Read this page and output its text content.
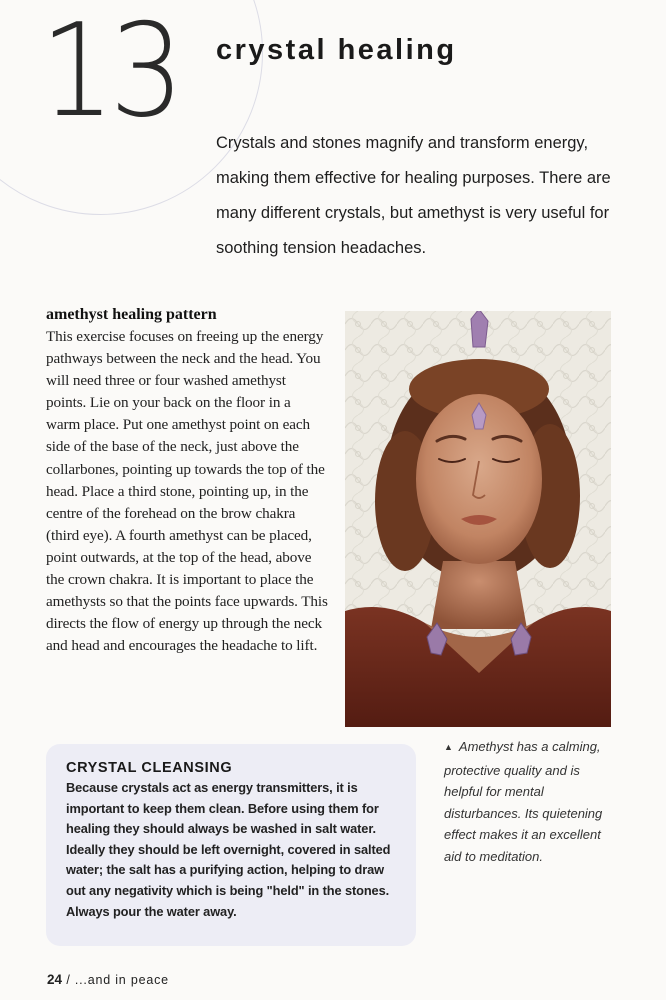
13 crystal healing

Crystals and stones magnify and transform energy, making them effective for healing purposes. There are many different crystals, but amethyst is very useful for soothing tension headaches.

amethyst healing pattern

This exercise focuses on freeing up the energy pathways between the neck and the head. You will need three or four washed amethyst points. Lie on your back on the floor in a warm place. Put one amethyst point on each side of the base of the neck, just above the collarbones, pointing up towards the top of the head. Place a third stone, pointing up, in the centre of the forehead on the brow chakra (third eye). A fourth amethyst can be placed, point outwards, at the top of the head, above the crown chakra. It is important to place the amethysts so that the points face upwards. This directs the flow of energy up through the neck and head and encourages the headache to lift.

▲ Amethyst has a calming, protective quality and is helpful for mental disturbances. Its quietening effect makes it an excellent aid to meditation.

CRYSTAL CLEANSING

Because crystals act as energy transmitters, it is important to keep them clean. Before using them for healing they should always be washed in salt water. Ideally they should be left overnight, covered in salted water; the salt has a purifying action, helping to draw out any negativity which is being "held" in the stones. Always pour the water away.

24 / ...and in peace
